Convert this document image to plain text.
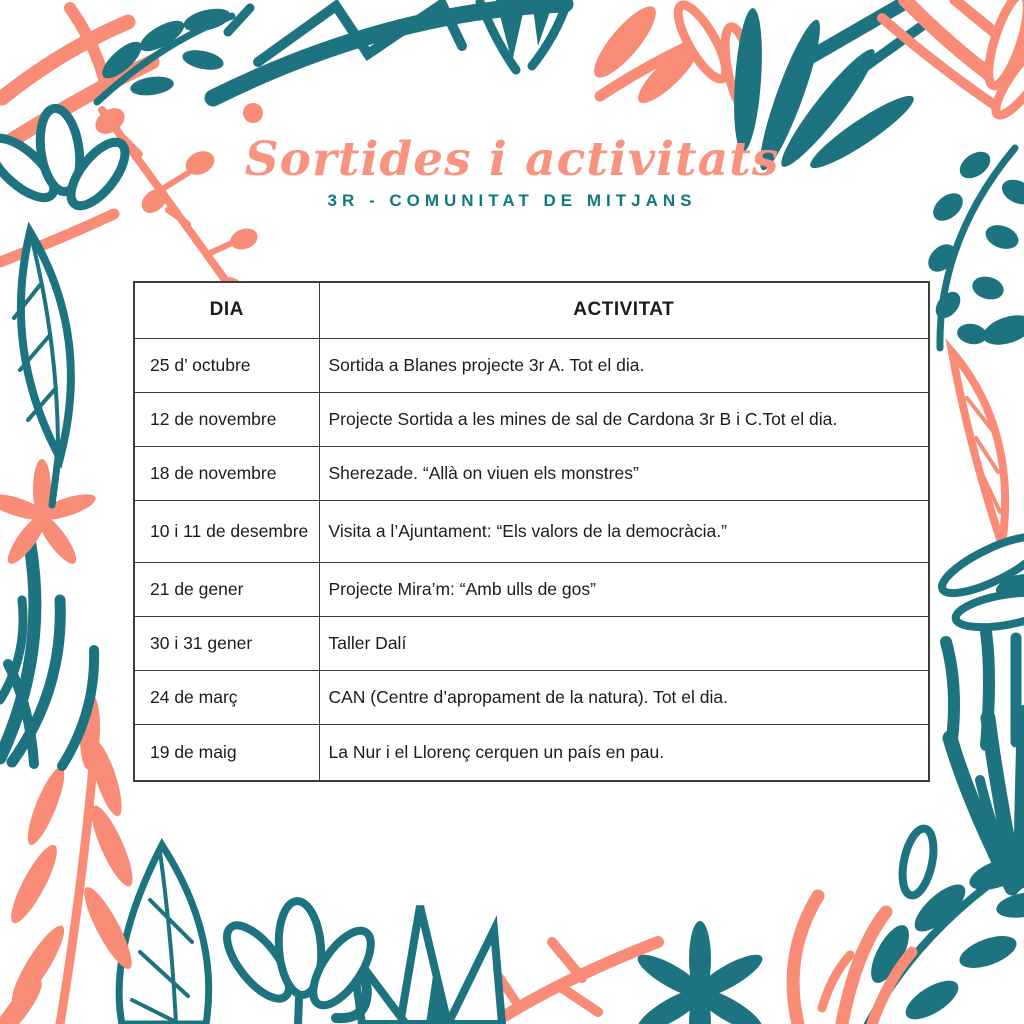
Sortides i activitats
3R - COMUNITAT DE MITJANS
DIA	ACTIVITAT
25 d’ octubre	Sortida a Blanes projecte 3r A. Tot el dia.
12 de novembre	Projecte Sortida a les mines de sal de Cardona 3r B i C.Tot el dia.
18 de novembre	Sherezade. “Allà on viuen els monstres”
10 i 11 de desembre	Visita a l’Ajuntament: “Els valors de la democràcia.”
21 de gener	Projecte Mira’m: “Amb ulls de gos”
30 i 31 gener	Taller Dalí
24 de març	CAN (Centre d’apropament de la natura). Tot el dia.
19 de maig	La Nur i el Llorenç cerquen un país en pau.
